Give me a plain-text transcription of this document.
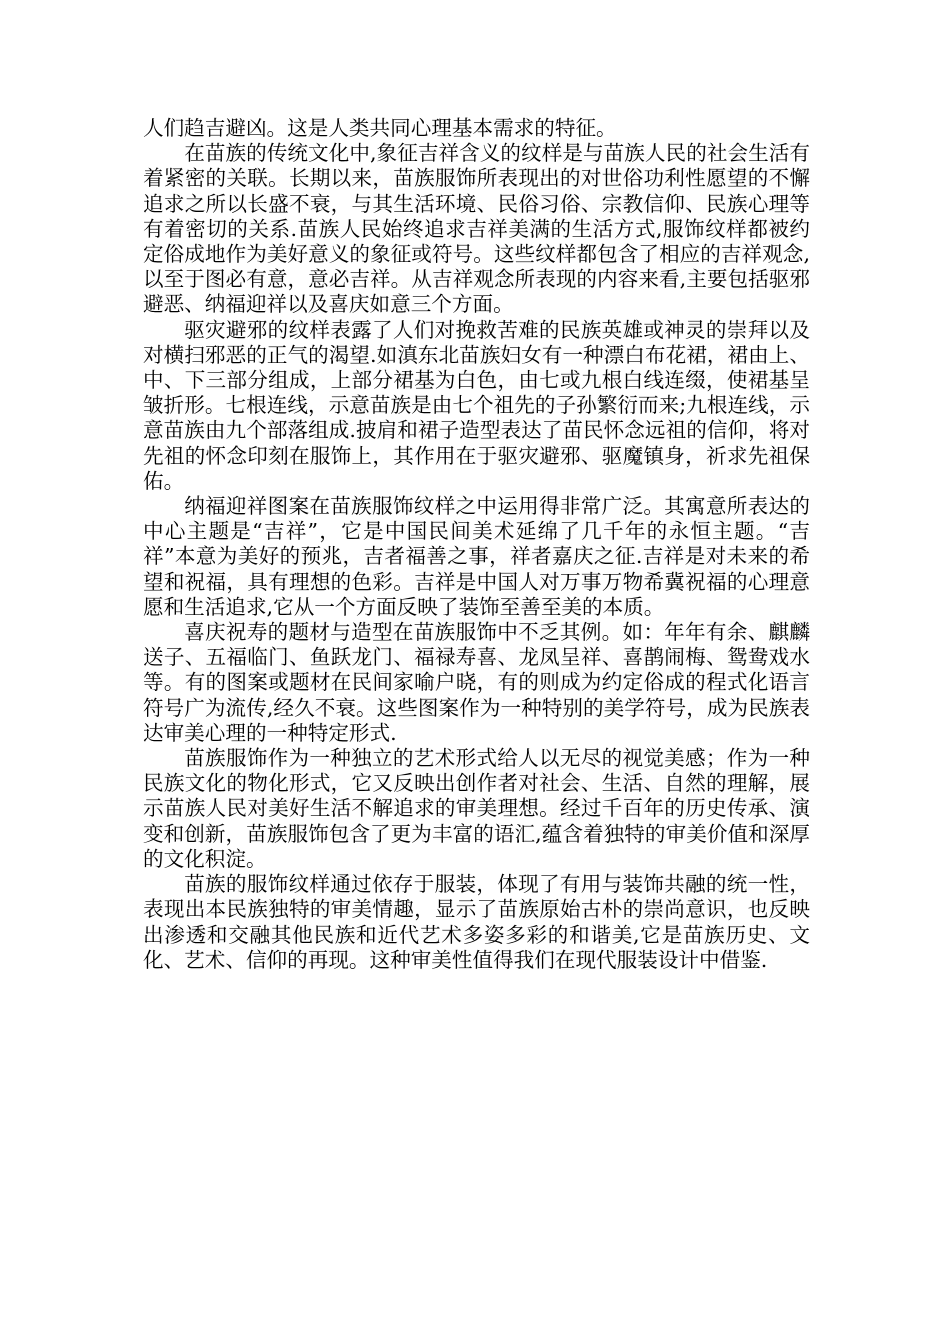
人们趋吉避凶。这是人类共同心理基本需求的特征。

在苗族的传统文化中,象征吉祥含义的纹样是与苗族人民的社会生活有着紧密的关联。长期以来，苗族服饰所表现出的对世俗功利性愿望的不懈追求之所以长盛不衰，与其生活环境、民俗习俗、宗教信仰、民族心理等有着密切的关系.苗族人民始终追求吉祥美满的生活方式,服饰纹样都被约定俗成地作为美好意义的象征或符号。这些纹样都包含了相应的吉祥观念,以至于图必有意，意必吉祥。从吉祥观念所表现的内容来看,主要包括驱邪避恶、纳福迎祥以及喜庆如意三个方面。

驱灾避邪的纹样表露了人们对挽救苦难的民族英雄或神灵的崇拜以及对横扫邪恶的正气的渴望.如滇东北苗族妇女有一种漂白布花裙，裙由上、中、下三部分组成，上部分裙基为白色，由七或九根白线连缀，使裙基呈皱折形。七根连线，示意苗族是由七个祖先的子孙繁衍而来;九根连线，示意苗族由九个部落组成.披肩和裙子造型表达了苗民怀念远祖的信仰，将对先祖的怀念印刻在服饰上，其作用在于驱灾避邪、驱魔镇身，祈求先祖保佑。

纳福迎祥图案在苗族服饰纹样之中运用得非常广泛。其寓意所表达的中心主题是“吉祥”，它是中国民间美术延绵了几千年的永恒主题。“吉祥”本意为美好的预兆，吉者福善之事，祥者嘉庆之征.吉祥是对未来的希望和祝福，具有理想的色彩。吉祥是中国人对万事万物希冀祝福的心理意愿和生活追求,它从一个方面反映了装饰至善至美的本质。

喜庆祝寿的题材与造型在苗族服饰中不乏其例。如：年年有余、麒麟送子、五福临门、鱼跃龙门、福禄寿喜、龙凤呈祥、喜鹊闹梅、鸳鸯戏水等。有的图案或题材在民间家喻户晓，有的则成为约定俗成的程式化语言符号广为流传,经久不衰。这些图案作为一种特别的美学符号，成为民族表达审美心理的一种特定形式.

苗族服饰作为一种独立的艺术形式给人以无尽的视觉美感；作为一种民族文化的物化形式，它又反映出创作者对社会、生活、自然的理解，展示苗族人民对美好生活不解追求的审美理想。经过千百年的历史传承、演变和创新，苗族服饰包含了更为丰富的语汇,蕴含着独特的审美价值和深厚的文化积淀。

苗族的服饰纹样通过依存于服装，体现了有用与装饰共融的统一性，表现出本民族独特的审美情趣，显示了苗族原始古朴的崇尚意识，也反映出渗透和交融其他民族和近代艺术多姿多彩的和谐美,它是苗族历史、文化、艺术、信仰的再现。这种审美性值得我们在现代服装设计中借鉴.
